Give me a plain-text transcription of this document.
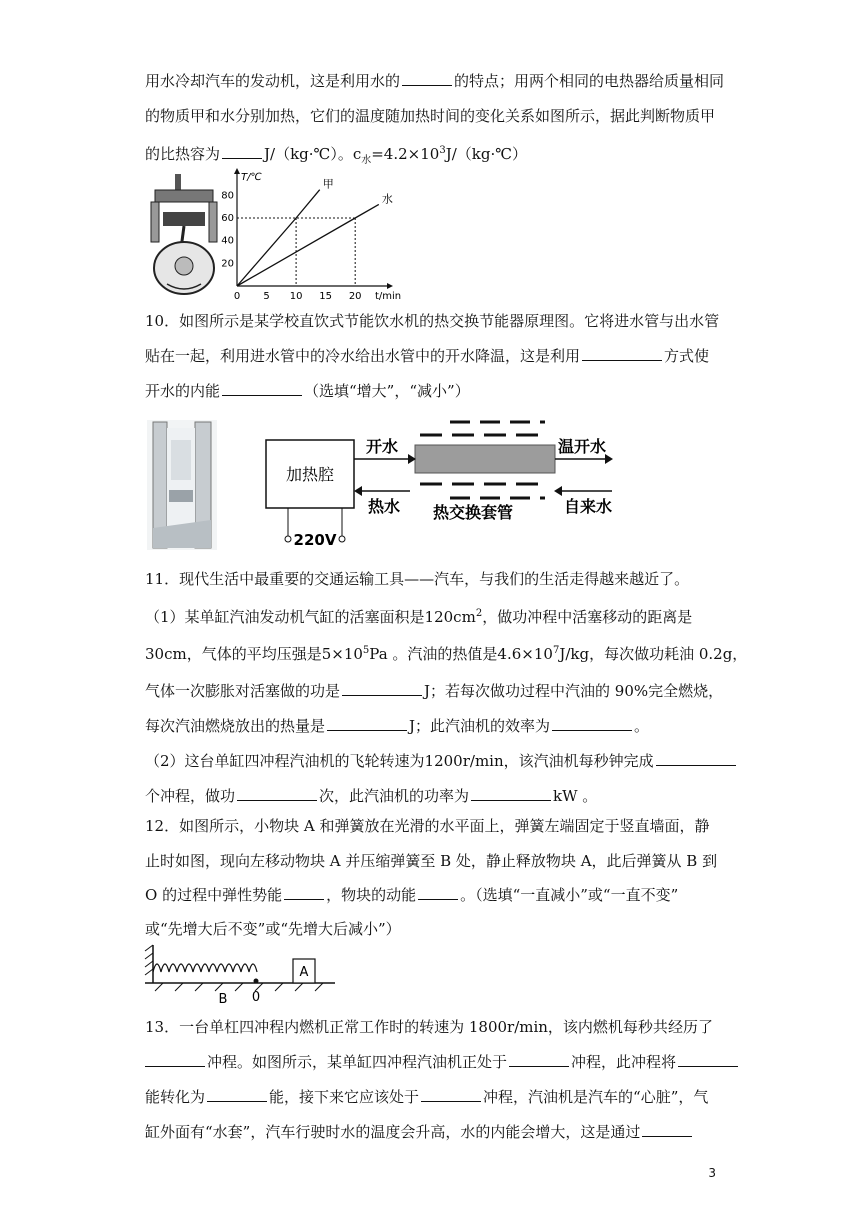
用水冷却汽车的发动机，这是利用水的	的特点；用两个相同的电热器给质量相同
的物质甲和水分别加热，它们的温度随加热时间的变化关系如图所示，据此判断物质甲
的比热容为	J/（kg·℃）。$c_水=4.2\times 10^3J/(kg\cdot℃)$
0 5 10 15 20
20
40
60
80
t/min
T/℃
甲
水
10．如图所示是某学校直饮式节能饮水机的热交换节能器原理图。它将进水管与出水管
贴在一起，利用进水管中的冷水给出水管中的开水降温，这是利用	方式使
开水的内能	（选填“增大”，“减小”）
加热腔
220V
开水	温开水
热水	自来水
热交换套管
11．现代生活中最重要的交通运输工具——汽车，与我们的生活走得越来越近了。
（1）某单缸汽油发动机气缸的活塞面积是$120cm^2$，做功冲程中活塞移动的距离是
30cm，气体的平均压强是$5\times 10^5Pa$ 。汽油的热值是$4.6\times 10^7J/kg$，每次做功耗油 0.2g，
气体一次膨胀对活塞做的功是	J；若每次做功过程中汽油的 90%完全燃烧，
每次汽油燃烧放出的热量是	J；此汽油机的效率为	。
（2）这台单缸四冲程汽油机的飞轮转速为1200r/min，该汽油机每秒钟完成
个冲程，做功	次，此汽油机的功率为	kW 。
12．如图所示，小物块 A 和弹簧放在光滑的水平面上，弹簧左端固定于竖直墙面，静
止时如图，现向左移动物块 A 并压缩弹簧至 B 处，静止释放物块 A，此后弹簧从 B 到
O 的过程中弹性势能	，物块的动能	。（选填“一直减小”或“一直不变”
或“先增大后不变”或“先增大后减小”）
A
B 0
13．一台单杠四冲程内燃机正常工作时的转速为 1800r/min，该内燃机每秒共经历了
冲程。如图所示，某单缸四冲程汽油机正处于	冲程，此冲程将
能转化为	能，接下来它应该处于	冲程，汽油机是汽车的“心脏”，气
缸外面有“水套”，汽车行驶时水的温度会升高，水的内能会增大，这是通过
3
